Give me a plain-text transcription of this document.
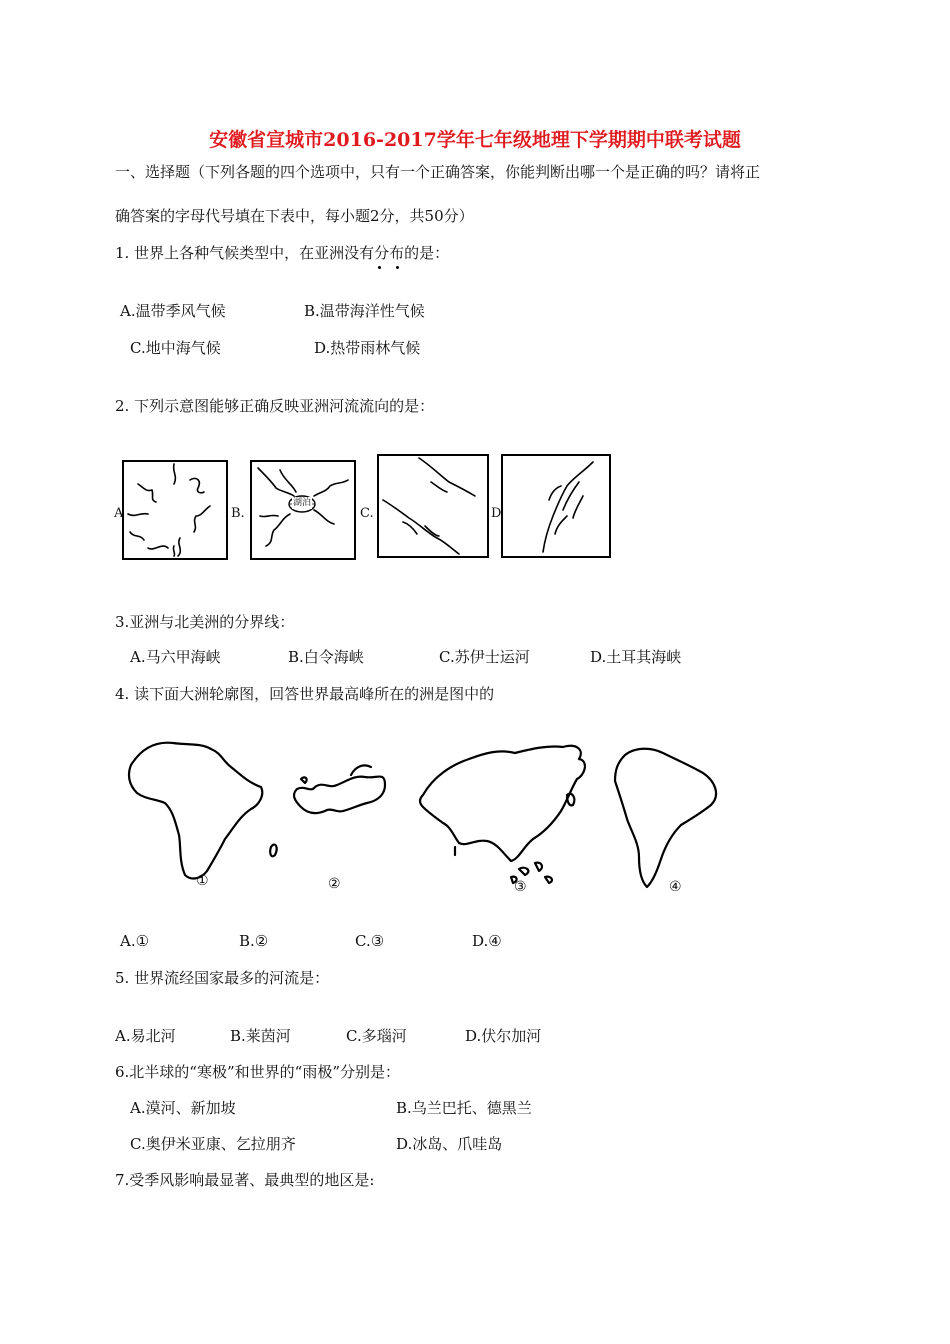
安徽省宣城市2016-2017学年七年级地理下学期期中联考试题
一、选择题（下列各题的四个选项中，只有一个正确答案，你能判断出哪一个是正确的吗？请将正
确答案的字母代号填在下表中，每小题2分，共50分）
1. 世界上各种气候类型中，在亚洲没有分布的是：
A.温带季风气候	B.温带海洋性气候
C.地中海气候	D.热带雨林气候
2. 下列示意图能够正确反映亚洲河流流向的是：
A	B.
湖泊
C.	D
3.亚洲与北美洲的分界线：
A.马六甲海峡	B.白令海峡	C.苏伊士运河	D.土耳其海峡
4. 读下面大洲轮廓图，回答世界最高峰所在的洲是图中的
①	②	③	④
A.①	B.②	C.③	D.④
5. 世界流经国家最多的河流是：
A.易北河	B.莱茵河	C.多瑙河	D.伏尔加河
6.北半球的“寒极”和世界的“雨极”分别是：
A.漠河、新加坡	B.乌兰巴托、德黑兰
C.奥伊米亚康、乞拉朋齐	D.冰岛、爪哇岛
7.受季风影响最显著、最典型的地区是:
